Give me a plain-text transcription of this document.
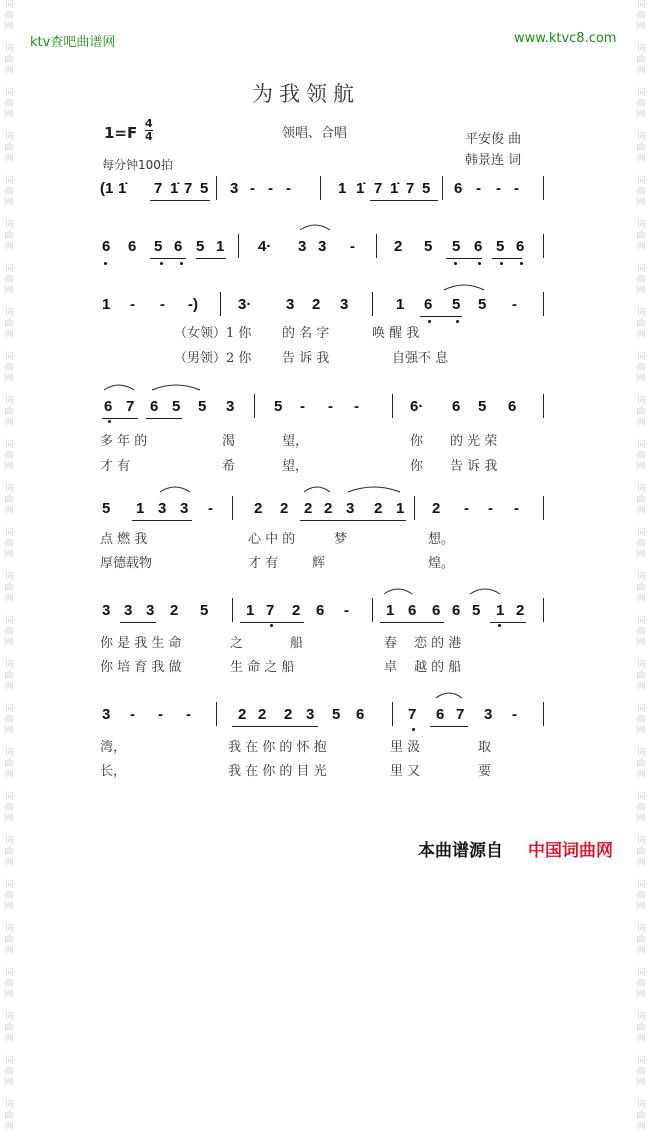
词
曲
网

词
曲
网

词
曲
网

词
曲
网

词
曲
网

词
曲
网

词
曲
网

词
曲
网

词
曲
网

词
曲
网

词
曲
网

词
曲
网

词
曲
网

词
曲
网

词
曲
网

词
曲
网

词
曲
网

词
曲
网

词
曲
网

词
曲
网

词
曲
网

词
曲
网

词
曲
网

词
曲
网

词
曲
网

词
曲
网

词
曲
网

词
曲
网

词
曲
网

词
曲
网

词
曲
网

词
曲
网

词
曲
网

词
曲
网

词
曲
网

词
曲
网

词
曲
网

词
曲
网

词
曲
网

词
曲
网

词
曲
网

词
曲
网

词
曲
网

词
曲
网

词
曲
网

词
曲
网

词
曲
网

词
曲
网

词
曲
网

词
曲
网

词
曲
网

词
曲
网

ktv查吧曲谱网	www.ktvc8.com
为我领航
1=F
4
4
每分钟100拍
领唱、合唱	平安俊 曲
韩景连 词
(1 1̇ 7 1̇ 7 5 3 - - -	1 1̇ 7 1̇ 7 5 6 - - -
6 6 5 6 5 1 4· 3 3 -	2 5 5 6 5 6
1 - - -)	3· 3 2 3	1 6 5 5 -
（女领）1 你 的 名 字	唤 醒 我
（男领）2 你 告 诉 我	自强不 息
6 7 6 5 5 3	5 - - -	6· 6 5 6
多 年 的	渴	望，	你 的 光 荣
才 有	希	望，	你 告 诉 我
5 1 3 3 -	2 2 2 2 3 2 1 2 - - -
点 燃 我	心 中 的	梦	想。
厚德载物	才 有	辉	煌。
3 3 3 2 5	1 7 2 6 - 1 6 6 6 5 1 2
你 是 我 生 命	之	船	春 恋 的 港
你 培 育 我 做	生 命 之 船	卓 越 的 船
3 - - -	2 2 2 3 5 6	7 6 7 3 -
湾，	我 在 你 的 怀 抱	里 汲	取
长，	我 在 你 的 目 光	里 又	要
本曲谱源自 中国词曲网
